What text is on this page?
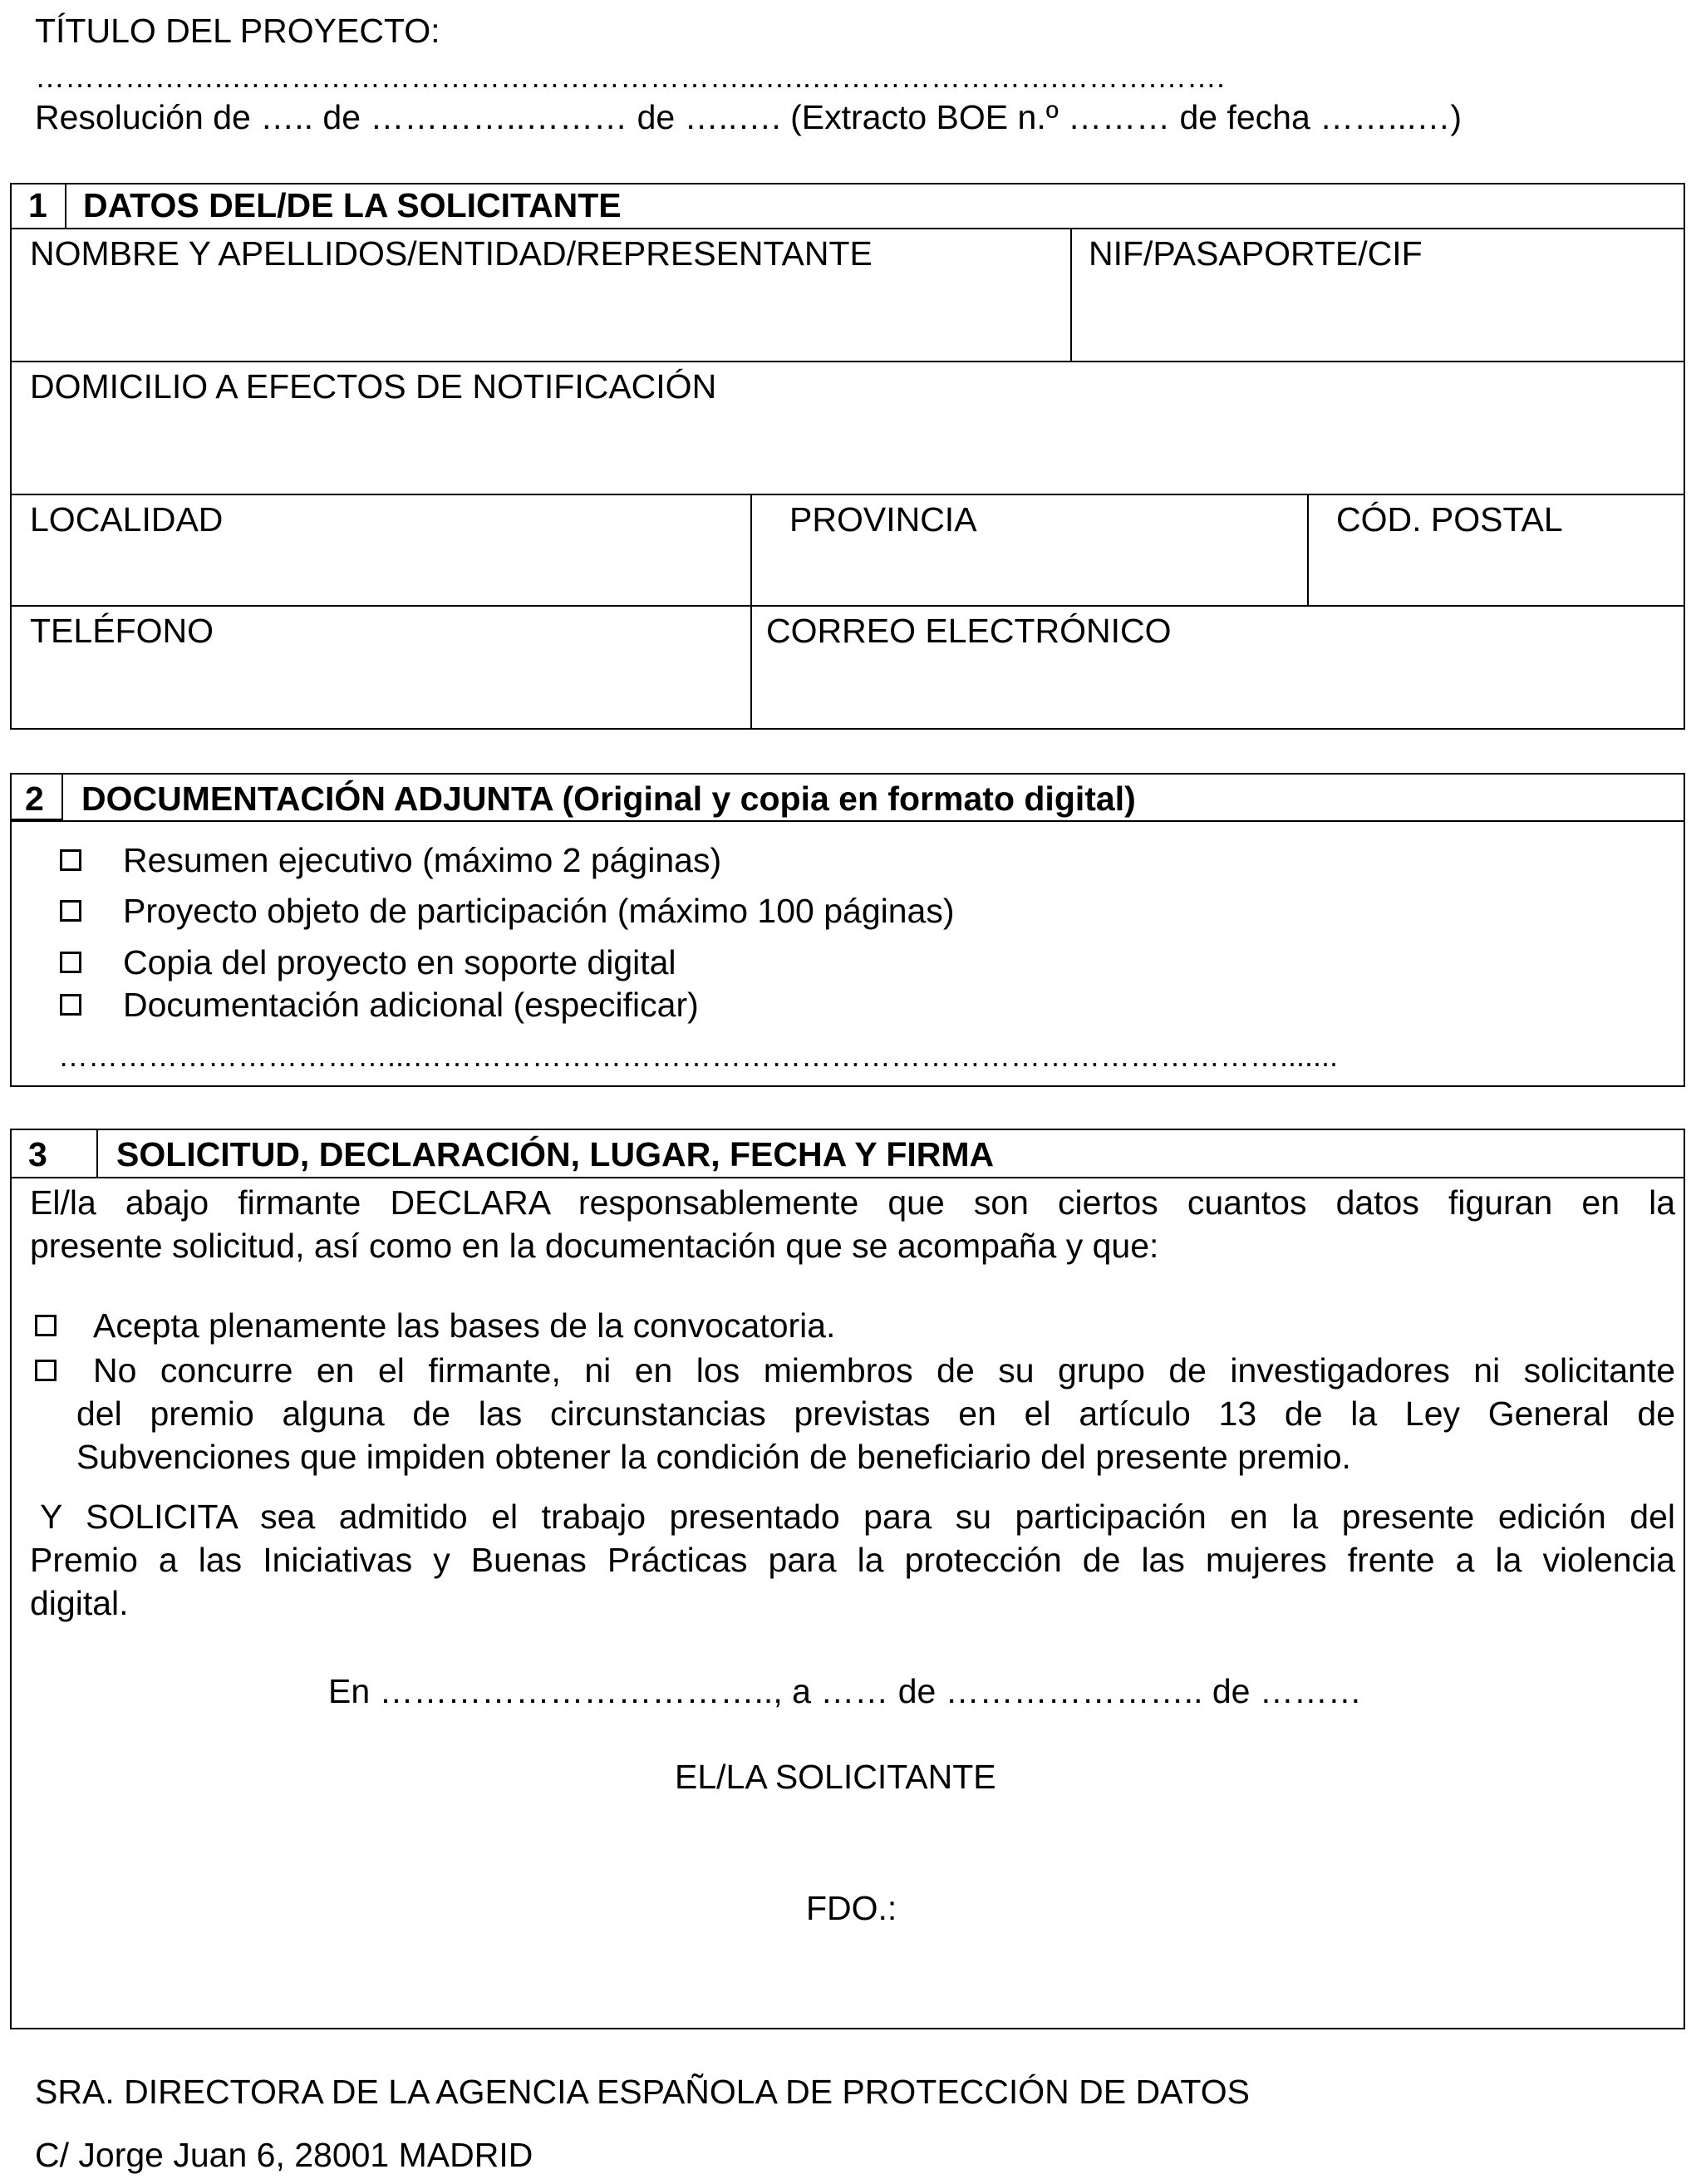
TÍTULO DEL PROYECTO:
………………..……………………………………………...…..…………………….……….…….
Resolución de ….. de …………..……… de …..…. (Extracto BOE n.º ……… de fecha ……...…)
1 DATOS DEL/DE LA SOLICITANTE
NOMBRE Y APELLIDOS/ENTIDAD/REPRESENTANTE	NIF/PASAPORTE/CIF
DOMICILIO A EFECTOS DE NOTIFICACIÓN
LOCALIDAD	PROVINCIA	CÓD. POSTAL
TELÉFONO	CORREO ELECTRÓNICO
2 DOCUMENTACIÓN ADJUNTA (Original y copia en formato digital)
Resumen ejecutivo (máximo 2 páginas)
Proyecto objeto de participación (máximo 100 páginas)
Copia del proyecto en soporte digital
Documentación adicional (especificar)
……………………………...…………………………………………………………………………….......
3 SOLICITUD, DECLARACIÓN, LUGAR, FECHA Y FIRMA
El/la abajo firmante DECLARA responsablemente que son ciertos cuantos datos figuran en la
presente solicitud, así como en la documentación que se acompaña y que:
Acepta plenamente las bases de la convocatoria.
No concurre en el firmante, ni en los miembros de su grupo de investigadores ni solicitante
del premio alguna de las circunstancias previstas en el artículo 13 de la Ley General de
Subvenciones que impiden obtener la condición de beneficiario del presente premio.
Y SOLICITA sea admitido el trabajo presentado para su participación en la presente edición del
Premio a las Iniciativas y Buenas Prácticas para la protección de las mujeres frente a la violencia
digital.
En …………………………….., a …… de ………………….. de ………
EL/LA SOLICITANTE
FDO.:
SRA. DIRECTORA DE LA AGENCIA ESPAÑOLA DE PROTECCIÓN DE DATOS
C/ Jorge Juan 6, 28001 MADRID
